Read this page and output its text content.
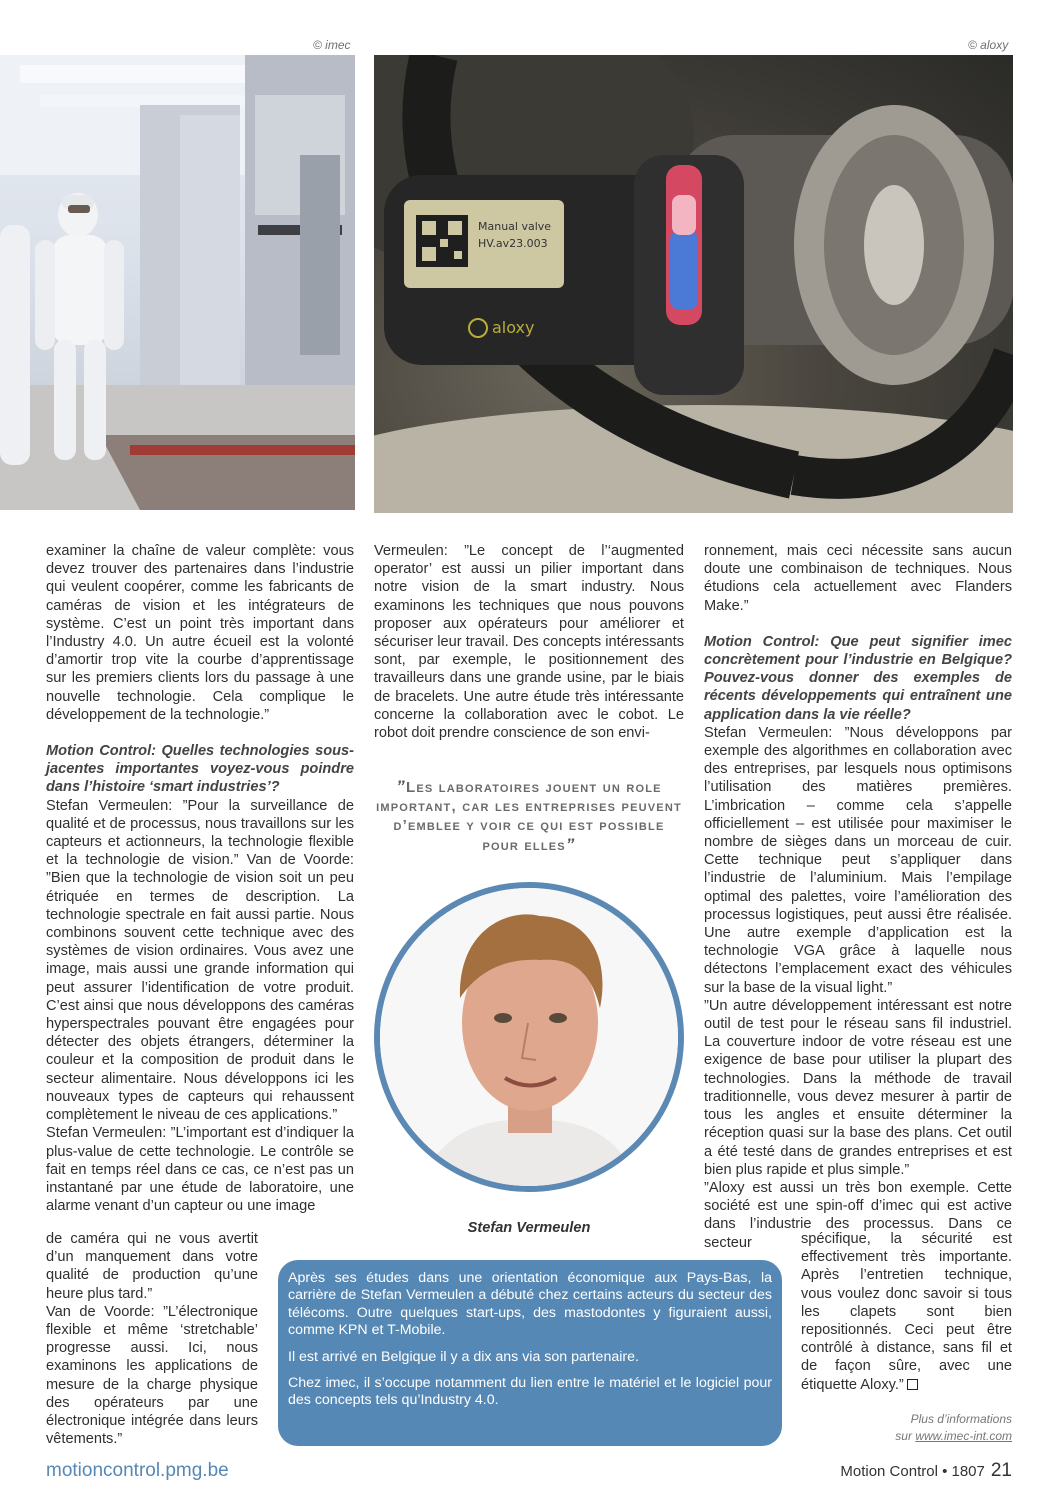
© imec	© aloxy
Manual valve
HV.av23.003
aloxy

examiner la chaîne de valeur complète: vous devez trouver des partenaires dans l’industrie qui veulent coopérer, comme les fabricants de caméras de vision et les intégrateurs de système. C’est un point très important dans l’Industry 4.0. Un autre écueil est la volonté d’amortir trop vite la courbe d’apprentissage sur les premiers clients lors du passage à une nouvelle technologie. Cela complique le développement de la technologie.”

Motion Control: Quelles technologies sous-jacentes importantes voyez-vous poindre dans l’histoire ‘smart industries’?

Stefan Vermeulen: ”Pour la surveillance de qualité et de processus, nous travaillons sur les capteurs et actionneurs, la technologie flexible et la technologie de vision.” Van de Voorde: ”Bien que la technologie de vision soit un peu étriquée en termes de description. La technologie spectrale en fait aussi partie. Nous combinons souvent cette technique avec des systèmes de vision ordinaires. Vous avez une image, mais aussi une grande information qui peut assurer l’identification de votre produit. C’est ainsi que nous développons des caméras hyperspectrales pouvant être engagées pour détecter des objets étrangers, déterminer la couleur et la composition de produit dans le secteur alimentaire. Nous développons ici les nouveaux types de capteurs qui rehaussent complètement le niveau de ces applications.”

Stefan Vermeulen: ”L’important est d’indiquer la plus-value de cette technologie. Le contrôle se fait en temps réel dans ce cas, ce n’est pas un instantané par une étude de laboratoire, une alarme venant d’un capteur ou une image

de caméra qui ne vous avertit d’un manquement dans votre qualité de production qu’une heure plus tard.”

Van de Voorde: ”L’électronique flexible et même ‘stretchable’ progresse aussi. Ici, nous examinons les applications de mesure de la charge physique des opérateurs par une électronique intégrée dans leurs vêtements.”

Vermeulen: ”Le concept de l’‘augmented operator’ est aussi un pilier important dans notre vision de la smart industry. Nous examinons les techniques que nous pouvons proposer aux opérateurs pour améliorer et sécuriser leur travail. Des concepts intéressants sont, par exemple, le positionnement des travailleurs dans une grande usine, par le biais de bracelets. Une autre étude très intéressante concerne la collaboration avec le cobot. Le robot doit prendre conscience de son envi-

”Les laboratoires jouent un role important, car les entreprises peuvent d’emblee y voir ce qui est possible pour elles”
Stefan Vermeulen

ronnement, mais ceci nécessite sans aucun doute une combinaison de techniques. Nous étudions cela actuellement avec Flanders Make.”

Motion Control: Que peut signifier imec concrètement pour l’industrie en Belgique? Pouvez-vous donner des exemples de récents développements qui entraînent une application dans la vie réelle?

Stefan Vermeulen: ”Nous développons par exemple des algorithmes en collaboration avec des entreprises, par lesquels nous optimisons l’utilisation des matières premières. L’imbrication – comme cela s’appelle officiellement – est utilisée pour maximiser le nombre de sièges dans un morceau de cuir. Cette technique peut s’appliquer dans l’industrie de l’aluminium. Mais l’empilage optimal des palettes, voire l’amélioration des processus logistiques, peut aussi être réalisée. Une autre exemple d’application est la technologie VGA grâce à laquelle nous détectons l’emplacement exact des véhicules sur la base de la visual light.”

”Un autre développement intéressant est notre outil de test pour le réseau sans fil industriel. La couverture indoor de votre réseau est une exigence de base pour utiliser la plupart des technologies. Dans la méthode de travail traditionnelle, vous devez mesurer à partir de tous les angles et ensuite déterminer la réception quasi sur la base des plans. Cet outil a été testé dans de grandes entreprises et est bien plus rapide et plus simple.”

”Aloxy est aussi un très bon exemple. Cette société est une spin-off d’imec qui est active dans l’industrie des processus. Dans ce secteur	spécifique, la sécurité est effectivement très importante. Après l’entretien technique, vous voulez donc savoir si tous les clapets sont bien repositionnés. Ceci peut être contrôlé à distance, sans fil et de façon sûre, avec une étiquette Aloxy.”

Après ses études dans une orientation économique aux Pays-Bas, la carrière de Stefan Vermeulen a débuté chez certains acteurs du secteur des télécoms. Outre quelques start-ups, des mastodontes y figuraient aussi, comme KPN et T-Mobile.

Il est arrivé en Belgique il y a dix ans via son partenaire.

Chez imec, il s’occupe notamment du lien entre le matériel et le logiciel pour des concepts tels qu’Industry 4.0.

Plus d’informations
sur www.imec-int.com
motioncontrol.pmg.be	Motion Control • 1807 21
